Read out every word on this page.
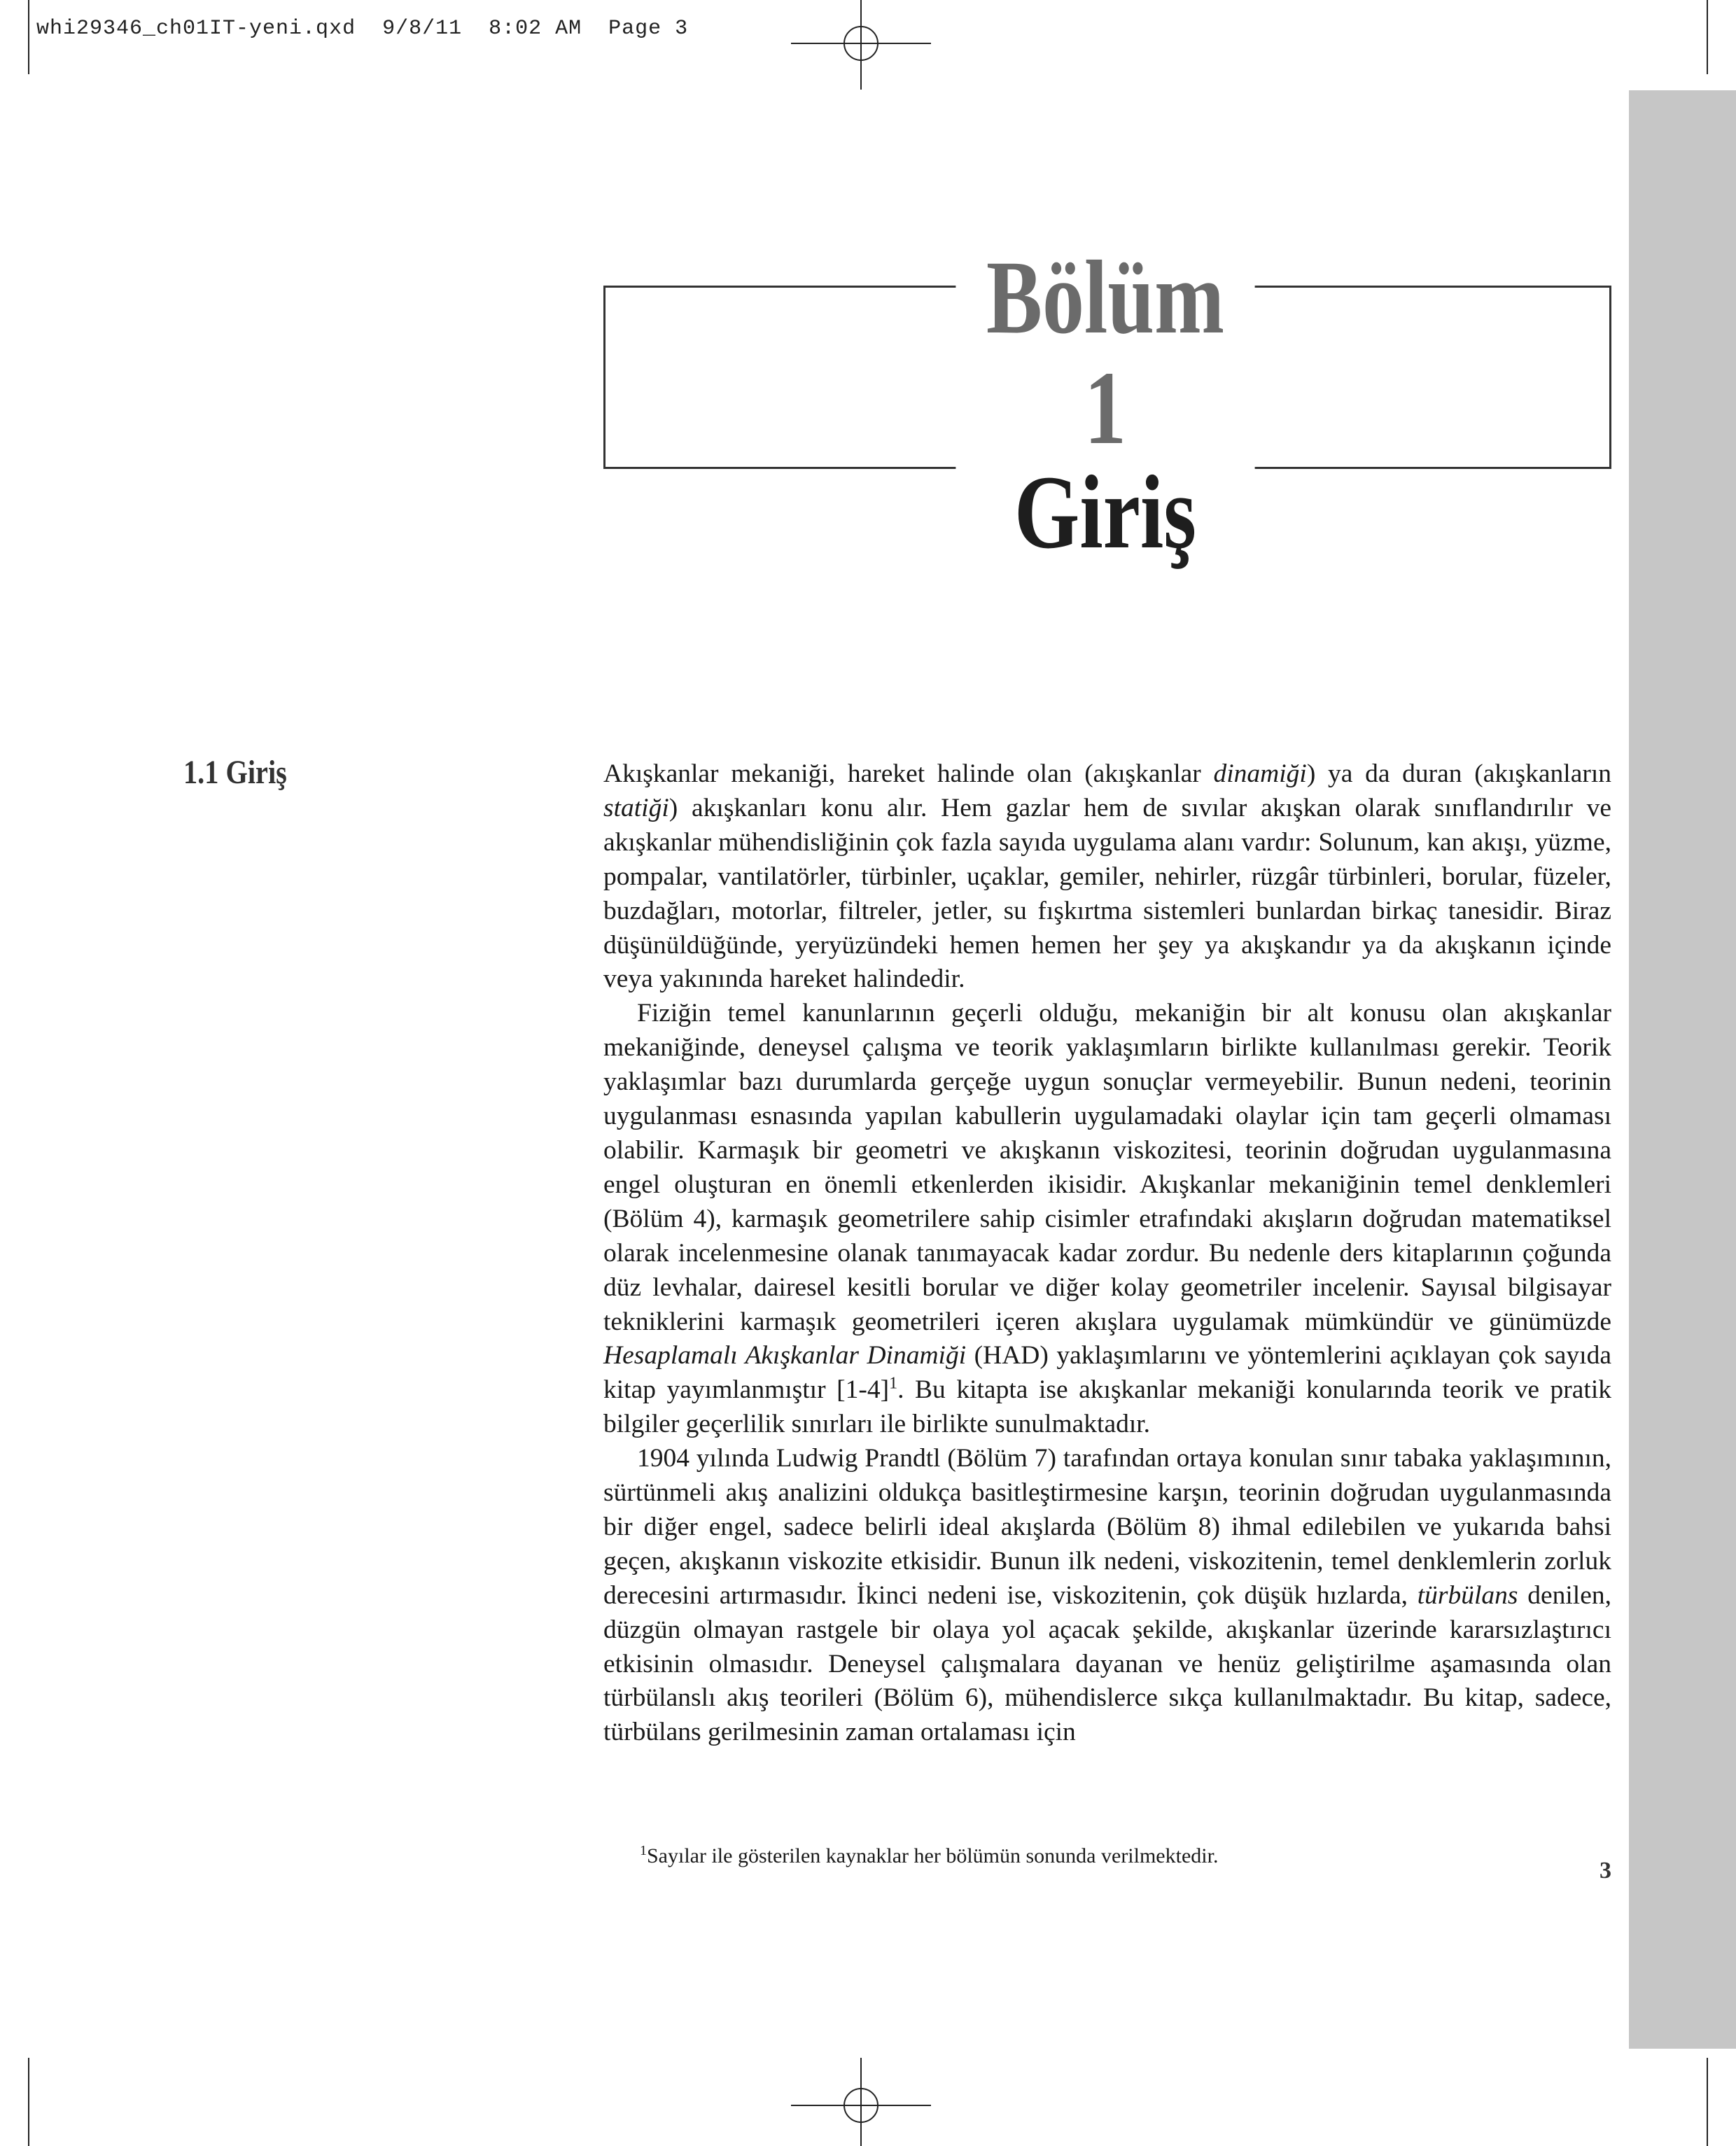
whi29346_ch01IT-yeni.qxd  9/8/11  8:02 AM  Page 3
Bölüm 1
Giriş
1.1 Giriş	Akışkanlar mekaniği, hareket halinde olan (akışkanlar dinamiği) ya da duran (akışkanların statiği) akışkanları konu alır. Hem gazlar hem de sıvılar akışkan olarak sınıflandırılır ve akışkanlar mühendisliğinin çok fazla sayıda uygulama alanı vardır: Solunum, kan akışı, yüzme, pompalar, vantilatörler, türbinler, uçaklar, gemiler, nehirler, rüzgâr türbinleri, borular, füzeler, buzdağları, motorlar, filtreler, jetler, su fışkırtma sistemleri bunlardan birkaç tanesidir. Biraz düşünüldüğünde, yeryüzündeki hemen hemen her şey ya akışkandır ya da akışkanın içinde veya yakınında hareket halindedir.

Fiziğin temel kanunlarının geçerli olduğu, mekaniğin bir alt konusu olan akışkanlar mekaniğinde, deneysel çalışma ve teorik yaklaşımların birlikte kullanılması gerekir. Teorik yaklaşımlar bazı durumlarda gerçeğe uygun sonuçlar vermeyebilir. Bunun nedeni, teorinin uygulanması esnasında yapılan kabullerin uygulamadaki olaylar için tam geçerli olmaması olabilir. Karmaşık bir geometri ve akışkanın viskozitesi, teorinin doğrudan uygulanmasına engel oluşturan en önemli etkenlerden ikisidir. Akışkanlar mekaniğinin temel denklemleri (Bölüm 4), karmaşık geometrilere sahip cisimler etrafındaki akışların doğrudan matematiksel olarak incelenmesine olanak tanımayacak kadar zordur. Bu nedenle ders kitaplarının çoğunda düz levhalar, dairesel kesitli borular ve diğer kolay geometriler incelenir. Sayısal bilgisayar tekniklerini karmaşık geometrileri içeren akışlara uygulamak mümkündür ve günümüzde Hesaplamalı Akışkanlar Dinamiği (HAD) yaklaşımlarını ve yöntemlerini açıklayan çok sayıda kitap yayımlanmıştır $[1-4]^1$. Bu kitapta ise akışkanlar mekaniği konularında teorik ve pratik bilgiler geçerlilik sınırları ile birlikte sunulmaktadır.

1904 yılında Ludwig Prandtl (Bölüm 7) tarafından ortaya konulan sınır tabaka yaklaşımının, sürtünmeli akış analizini oldukça basitleştirmesine karşın, teorinin doğrudan uygulanmasında bir diğer engel, sadece belirli ideal akışlarda (Bölüm 8) ihmal edilebilen ve yukarıda bahsi geçen, akışkanın viskozite etkisidir. Bunun ilk nedeni, viskozitenin, temel denklemlerin zorluk derecesini artırmasıdır. İkinci nedeni ise, viskozitenin, çok düşük hızlarda, türbülans denilen, düzgün olmayan rastgele bir olaya yol açacak şekilde, akışkanlar üzerinde kararsızlaştırıcı etkisinin olmasıdır. Deneysel çalışmalara dayanan ve henüz geliştirilme aşamasında olan türbülanslı akış teorileri (Bölüm 6), mühendislerce sıkça kullanılmaktadır. Bu kitap, sadece, türbülans gerilmesinin zaman ortalaması için

$^1$Sayılar ile gösterilen kaynaklar her bölümün sonunda verilmektedir.
3
